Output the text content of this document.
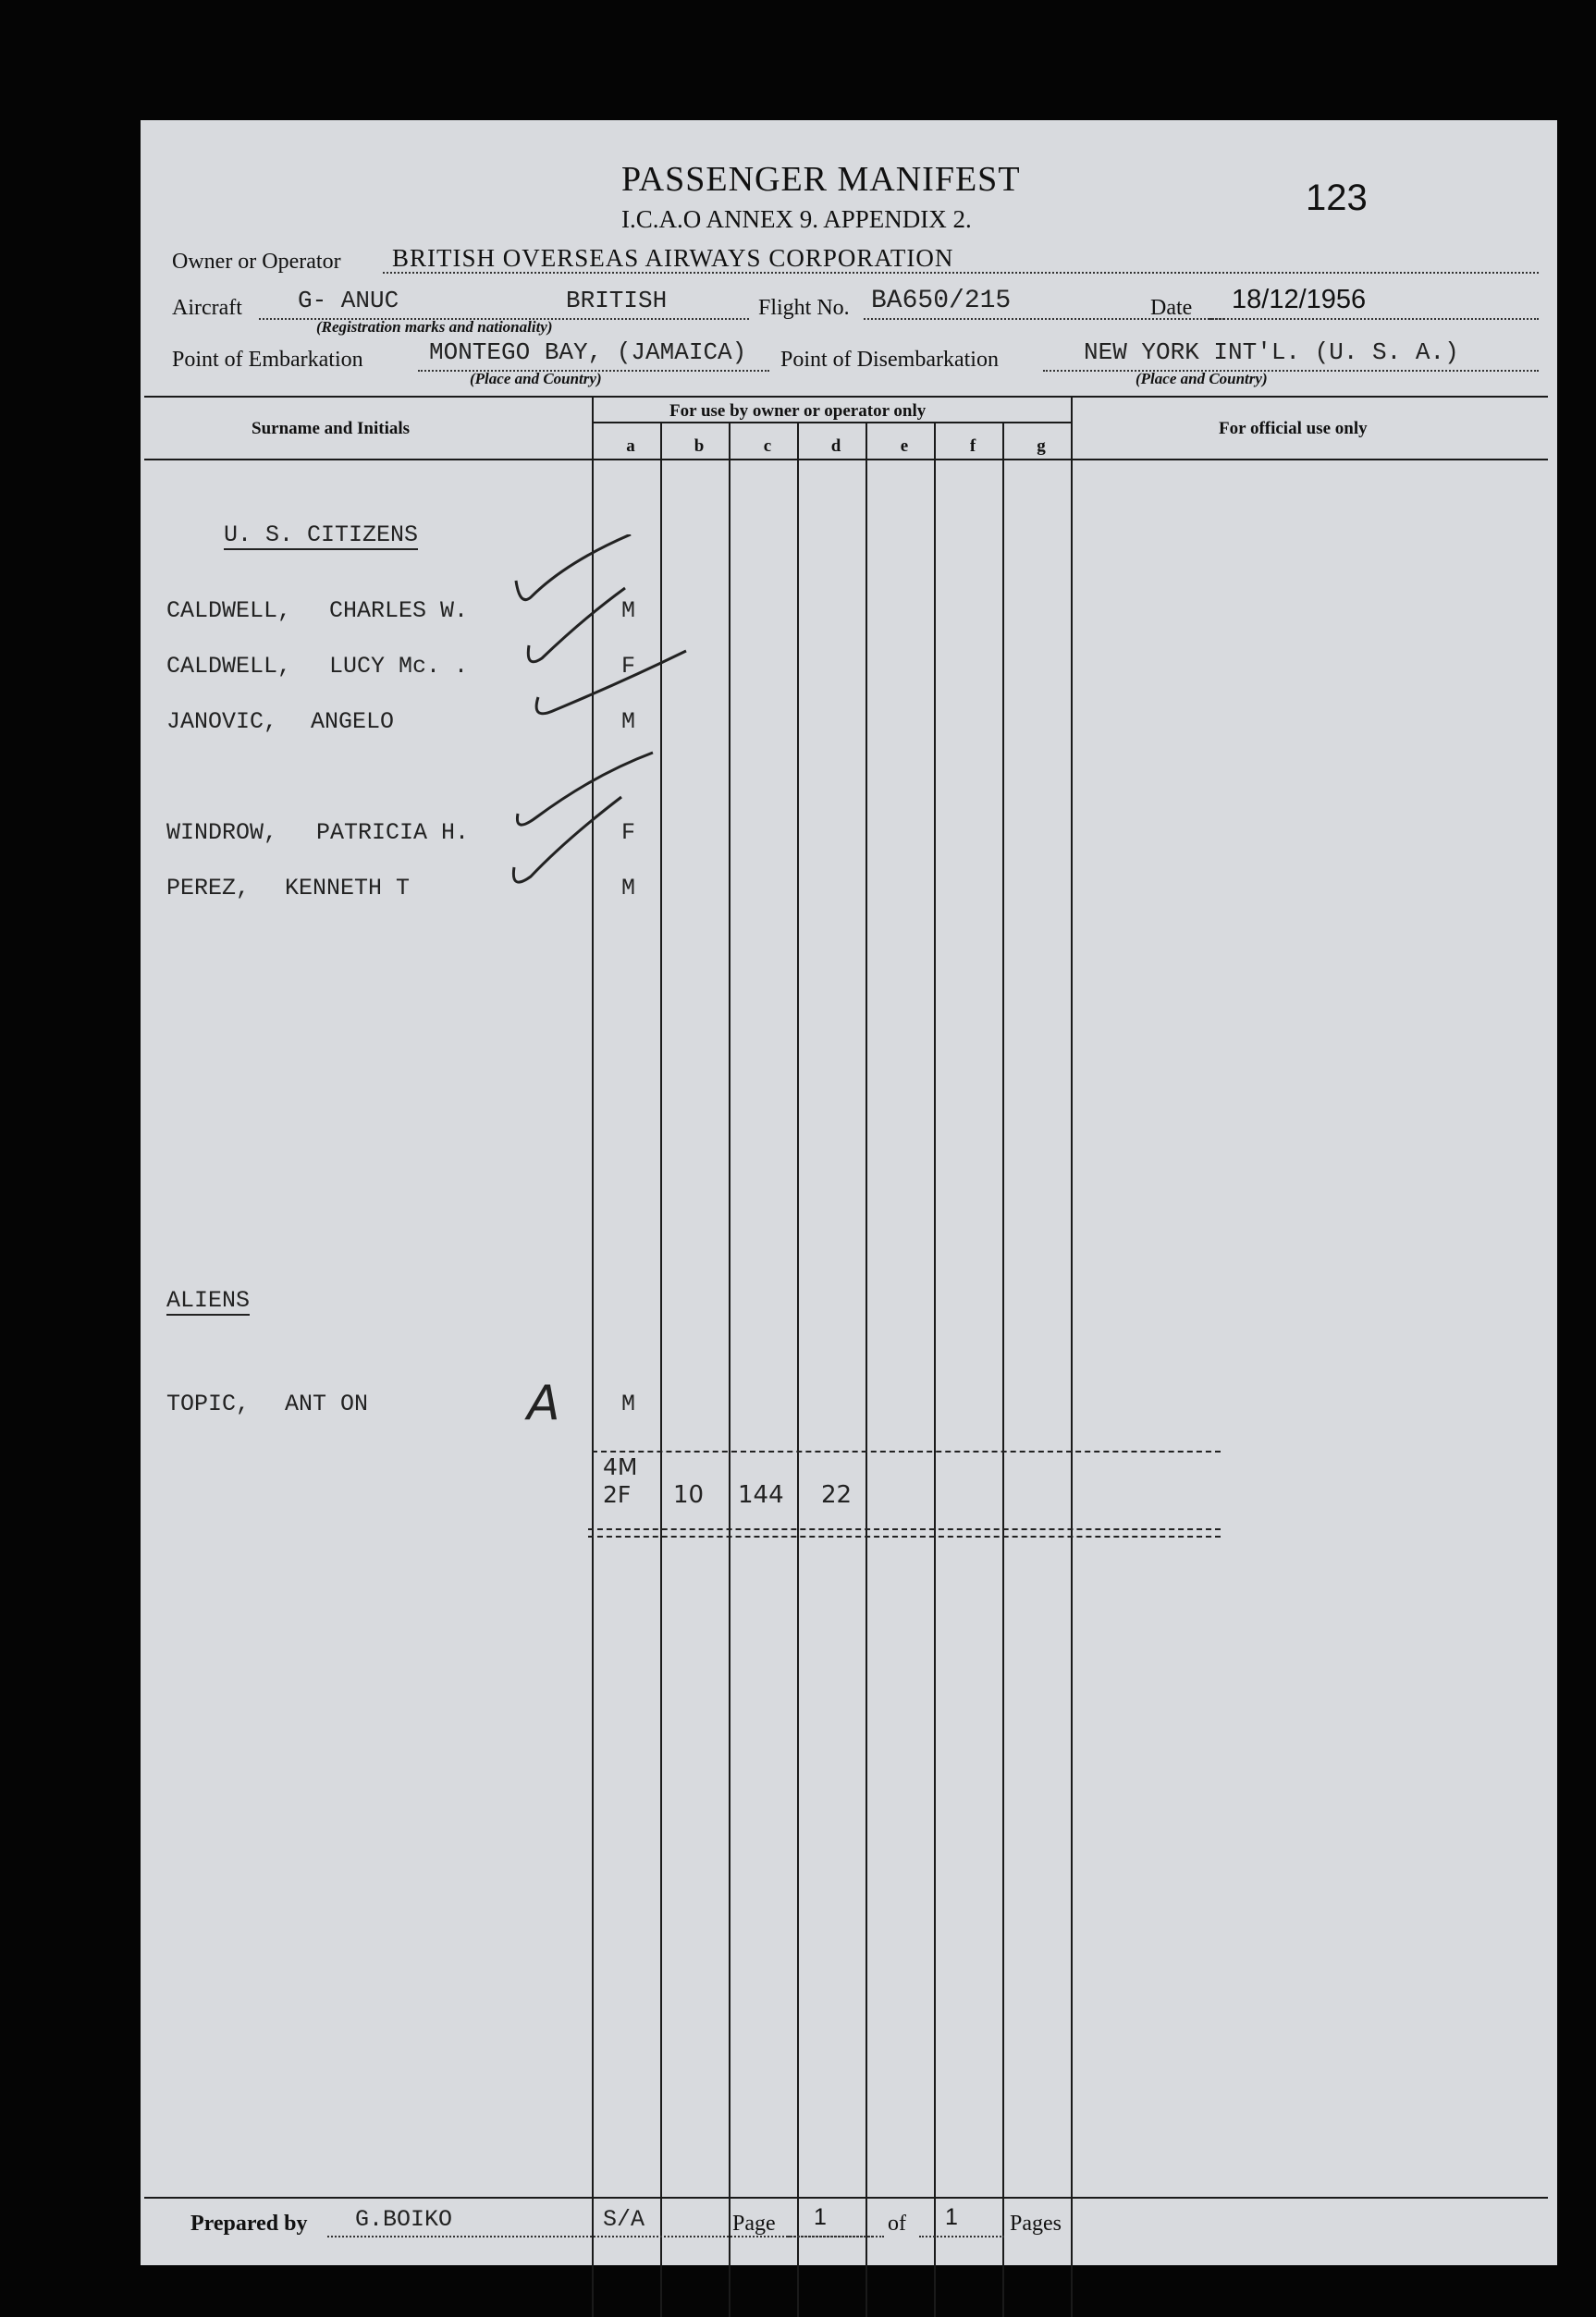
PASSENGER MANIFEST
I.C.A.O ANNEX 9. APPENDIX 2.
123
Owner or Operator BRITISH OVERSEAS AIRWAYS CORPORATION
Aircraft G- ANUC	BRITISH
(Registration marks and nationality)
Flight No. BA650/215	Date 18/12/1956
Point of Embarkation	MONTEGO BAY, (JAMAICA)
(Place and Country)
Point of Disembarkation	NEW YORK INT'L. (U. S. A.)
(Place and Country)
Surname and Initials
For use by owner or operator only
For official use only
a	b	c	d	e	f	g
U. S. CITIZENS
CALDWELL, CHARLES W.	M
CALDWELL, LUCY Mc. .	F
JANOVIC, ANGELO	M
WINDROW, PATRICIA H.	F
PEREZ, KENNETH T	M
ALIENS
TOPIC, ANT ON	M
A
4M
2F 10 144 22
Prepared by G.BOIKO	S/A	Page 1	of 1 Pages
